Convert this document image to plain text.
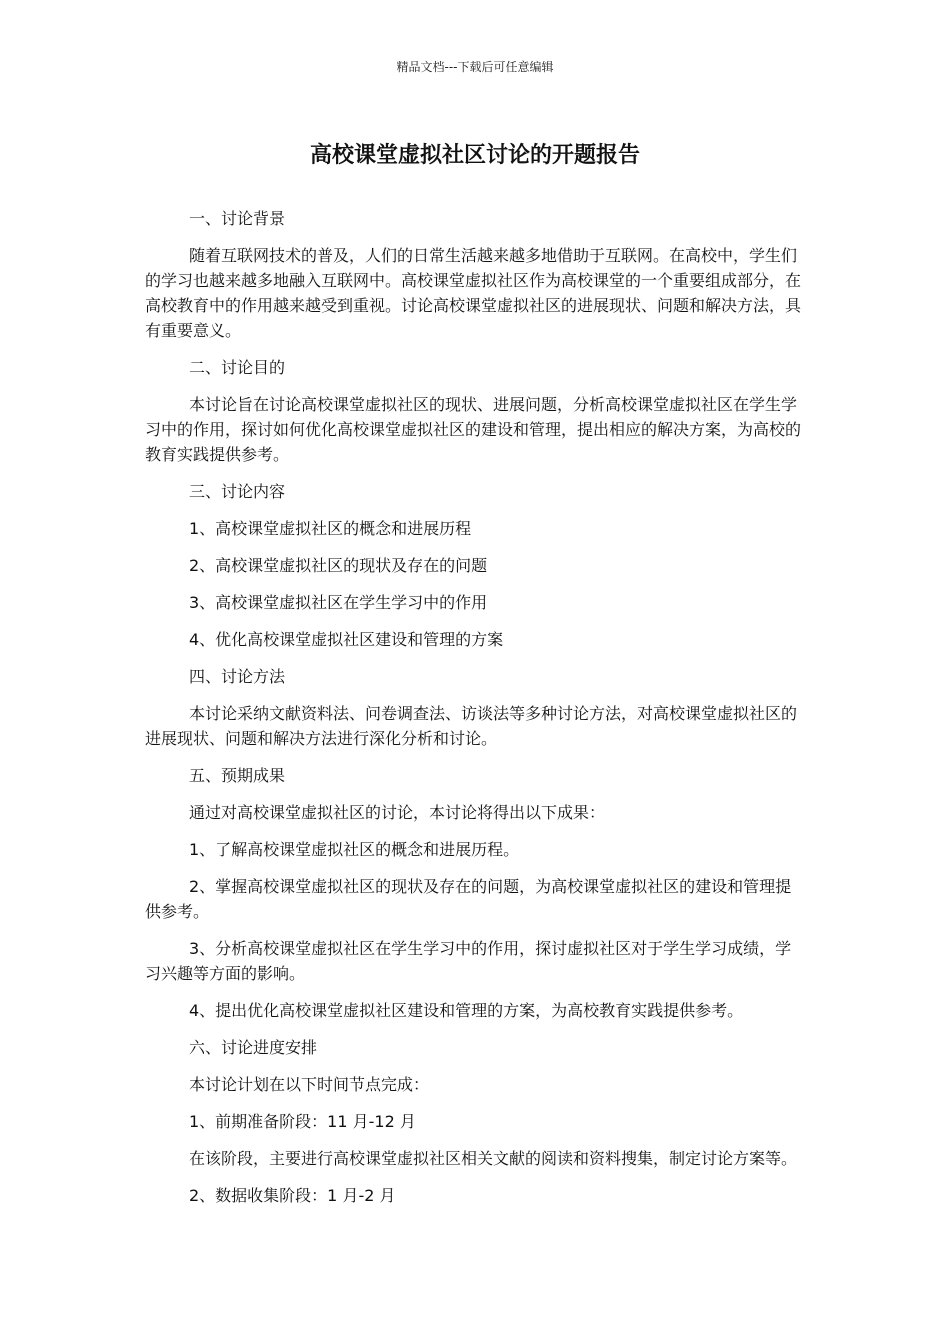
精品文档---下载后可任意编辑
高校课堂虚拟社区讨论的开题报告

一、讨论背景

随着互联网技术的普及，人们的日常生活越来越多地借助于互联网。在高校中，学生们的学习也越来越多地融入互联网中。高校课堂虚拟社区作为高校课堂的一个重要组成部分，在高校教育中的作用越来越受到重视。讨论高校课堂虚拟社区的进展现状、问题和解决方法，具有重要意义。

二、讨论目的

本讨论旨在讨论高校课堂虚拟社区的现状、进展问题，分析高校课堂虚拟社区在学生学习中的作用，探讨如何优化高校课堂虚拟社区的建设和管理，提出相应的解决方案，为高校的教育实践提供参考。

三、讨论内容

1、高校课堂虚拟社区的概念和进展历程

2、高校课堂虚拟社区的现状及存在的问题

3、高校课堂虚拟社区在学生学习中的作用

4、优化高校课堂虚拟社区建设和管理的方案

四、讨论方法

本讨论采纳文献资料法、问卷调查法、访谈法等多种讨论方法，对高校课堂虚拟社区的进展现状、问题和解决方法进行深化分析和讨论。

五、预期成果

通过对高校课堂虚拟社区的讨论，本讨论将得出以下成果：

1、了解高校课堂虚拟社区的概念和进展历程。

2、掌握高校课堂虚拟社区的现状及存在的问题，为高校课堂虚拟社区的建设和管理提供参考。

3、分析高校课堂虚拟社区在学生学习中的作用，探讨虚拟社区对于学生学习成绩，学习兴趣等方面的影响。

4、提出优化高校课堂虚拟社区建设和管理的方案，为高校教育实践提供参考。

六、讨论进度安排

本讨论计划在以下时间节点完成：

1、前期准备阶段：11 月-12 月

在该阶段，主要进行高校课堂虚拟社区相关文献的阅读和资料搜集，制定讨论方案等。

2、数据收集阶段：1 月-2 月
